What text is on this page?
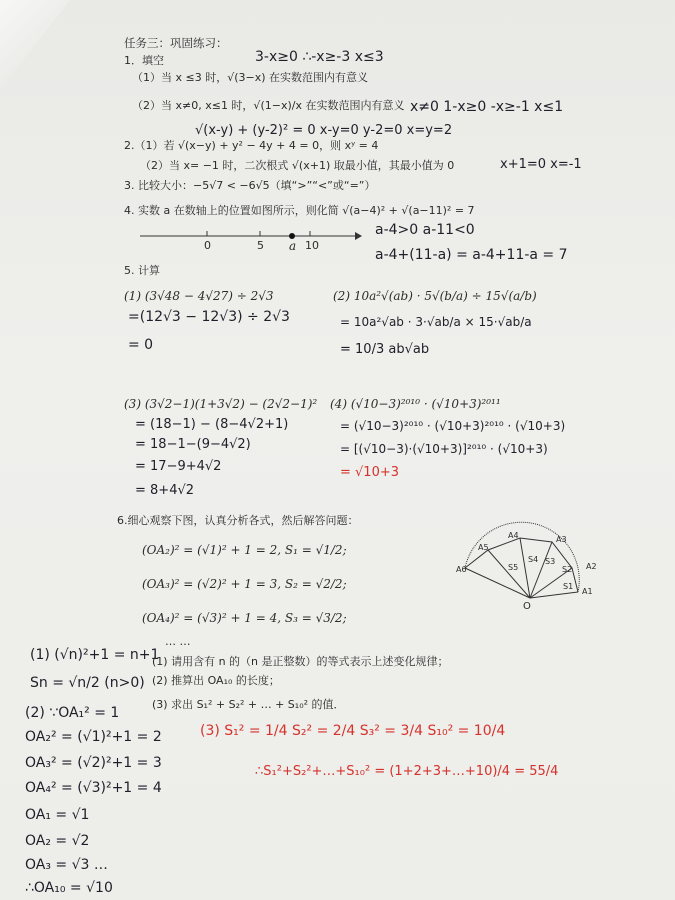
任务三：巩固练习：
1．填空	3-x≥0 ∴-x≥-3 x≤3
（1）当 x ≤3 时，√(3−x) 在实数范围内有意义
（2）当 x≠0, x≤1 时，√(1−x)/x 在实数范围内有意义 x≠0 1-x≥0 -x≥-1 x≤1
√(x-y) + (y-2)² = 0 x-y=0 y-2=0 x=y=2
2.（1）若 √(x−y) + y² − 4y + 4 = 0，则 xʸ = 4
（2）当 x= −1 时，二次根式 √(x+1) 取最小值，其最小值为 0	x+1=0 x=-1
3. 比较大小：−5√7 < −6√5（填“>”“<”或“=”）
4. 实数 a 在数轴上的位置如图所示，则化简 √(a−4)² + √(a−11)² = 7
0	5 a 10
a-4>0 a-11<0
a-4+(11-a) = a-4+11-a = 7
5. 计算
(1) (3√48 − 4√27) ÷ 2√3
=(12√3 − 12√3) ÷ 2√3
= 0
(2) 10a²√(ab) · 5√(b/a) ÷ 15√(a/b)
= 10a²√ab · 3·√ab/a × 15·√ab/a
= 10/3 ab√ab
(3) (3√2−1)(1+3√2) − (2√2−1)²
= (18−1) − (8−4√2+1)
= 18−1−(9−4√2)
= 17−9+4√2
= 8+4√2
(4) (√10−3)²⁰¹⁰ · (√10+3)²⁰¹¹
= (√10−3)²⁰¹⁰ · (√10+3)²⁰¹⁰ · (√10+3)
= [(√10−3)·(√10+3)]²⁰¹⁰ · (√10+3)
= √10+3
6.细心观察下图，认真分析各式，然后解答问题：
(OA₂)² = (√1)² + 1 = 2, S₁ = √1/2;
(OA₃)² = (√2)² + 1 = 3, S₂ = √2/2;
(OA₄)² = (√3)² + 1 = 4, S₃ = √3/2;
… …
A1
A2
A3
A4
A5
A6
O
S1
S2
S3
S4
S5
(1) (√n)²+1 = n+1
Sn = √n/2 (n>0)
(2) ∵OA₁² = 1
OA₂² = (√1)²+1 = 2
OA₃² = (√2)²+1 = 3
OA₄² = (√3)²+1 = 4
OA₁ = √1
OA₂ = √2
OA₃ = √3 …
∴OA₁₀ = √10
(1) 请用含有 n 的（n 是正整数）的等式表示上述变化规律；
(2) 推算出 OA₁₀ 的长度；
(3) 求出 S₁² + S₂² + … + S₁₀² 的值．
(3) S₁² = 1/4 S₂² = 2/4 S₃² = 3/4 S₁₀² = 10/4
∴S₁²+S₂²+…+S₁₀² = (1+2+3+…+10)/4 = 55/4
